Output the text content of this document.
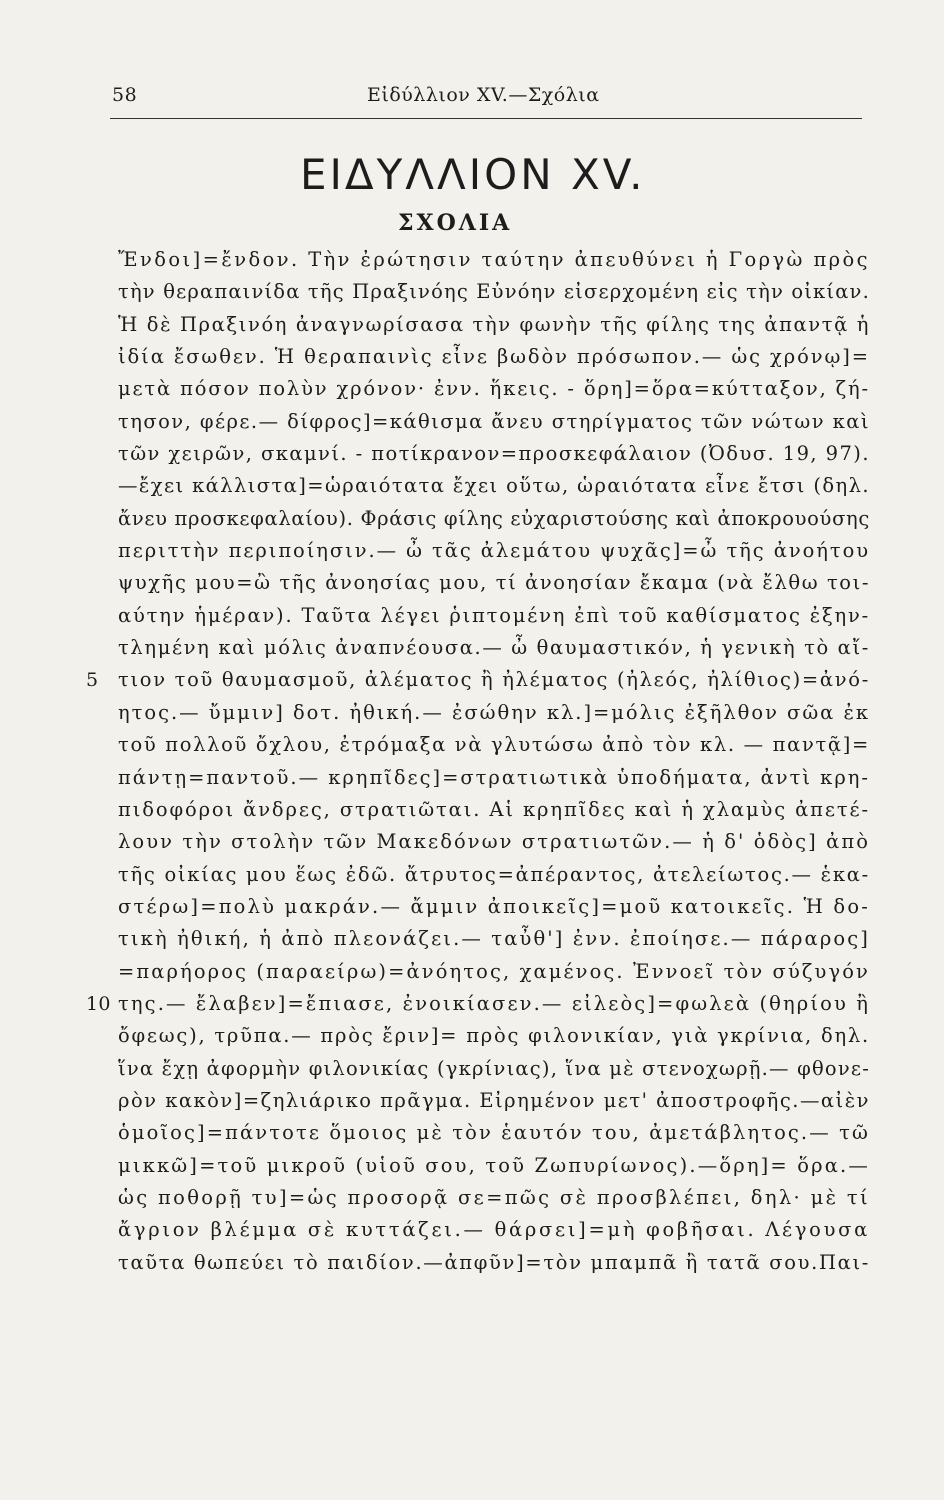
58	Εἰδύλλιον XV.—Σχόλια
ΕΙΔΥΛΛΙΟΝ XV.
ΣΧΟΛΙΑ
Ἔνδοι]=ἔνδον. Τὴν ἐρώτησιν ταύτην ἀπευθύνει ἡ Γοργὼ πρὸς
τὴν θεραπαινίδα τῆς Πραξινόης Εὐνόην εἰσερχομένη εἰς τὴν οἰκίαν.
Ἡ δὲ Πραξινόη ἀναγνωρίσασα τὴν φωνὴν τῆς φίλης της ἀπαντᾷ ἡ
ἰδία ἔσωθεν. Ἡ θεραπαινὶς εἶνε βωδὸν πρόσωπον.— ὡς χρόνῳ]=
μετὰ πόσον πολὺν χρόνον· ἐνν. ἥκεις. - ὅρη]=ὅρα=κύτταξον, ζή-
τησον, φέρε.— δίφρος]=κάθισμα ἄνευ στηρίγματος τῶν νώτων καὶ
τῶν χειρῶν, σκαμνί. - ποτίκρανον=προσκεφάλαιον (Ὀδυσ. 19, 97).
—ἔχει κάλλιστα]=ὡραιότατα ἔχει οὕτω, ὡραιότατα εἶνε ἔτσι (δηλ.
ἄνευ προσκεφαλαίου). Φράσις φίλης εὐχαριστούσης καὶ ἀποκρουούσης
περιττὴν περιποίησιν.— ὦ τᾶς ἀλεμάτου ψυχᾶς]=ὦ τῆς ἀνοήτου
ψυχῆς μου=ὢ τῆς ἀνοησίας μου, τί ἀνοησίαν ἔκαμα (νὰ ἔλθω τοι-
αύτην ἡμέραν). Ταῦτα λέγει ῥιπτομένη ἐπὶ τοῦ καθίσματος ἐξην-
τλημένη καὶ μόλις ἀναπνέουσα.— ὦ θαυμαστικόν, ἡ γενικὴ τὸ αἴ-
τιον τοῦ θαυμασμοῦ, ἀλέματος ἢ ἠλέματος (ἠλεός, ἠλίθιος)=ἀνό-
5
ητος.— ὔμμιν] δοτ. ἠθική.— ἐσώθην κλ.]=μόλις ἐξῆλθον σῶα ἐκ
τοῦ πολλοῦ ὄχλου, ἐτρόμαξα νὰ γλυτώσω ἀπὸ τὸν κλ. — παντᾷ]=
πάντῃ=παντοῦ.— κρηπῖδες]=στρατιωτικὰ ὑποδήματα, ἀντὶ κρη-
πιδοφόροι ἄνδρες, στρατιῶται. Αἱ κρηπῖδες καὶ ἡ χλαμὺς ἀπετέ-
λουν τὴν στολὴν τῶν Μακεδόνων στρατιωτῶν.— ἡ δ' ὁδὸς] ἀπὸ
τῆς οἰκίας μου ἕως ἐδῶ. ἄτρυτος=ἀπέραντος, ἀτελείωτος.— ἑκα-
στέρω]=πολὺ μακράν.— ἄμμιν ἀποικεῖς]=μοῦ κατοικεῖς. Ἡ δο-
τικὴ ἠθική, ἡ ἀπὸ πλεονάζει.— ταὖθ'] ἐνν. ἐποίησε.— πάραρος]
=παρήορος (παραείρω)=ἀνόητος, χαμένος. Ἐννοεῖ τὸν σύζυγόν
της.— ἔλαβεν]=ἔπιασε, ἐνοικίασεν.— εἰλεὸς]=φωλεὰ (θηρίου ἢ
10
ὄφεως), τρῦπα.— πρὸς ἔριν]= πρὸς φιλονικίαν, γιὰ γκρίνια, δηλ.
ἵνα ἔχῃ ἀφορμὴν φιλονικίας (γκρίνιας), ἵνα μὲ στενοχωρῇ.— φθονε-
ρὸν κακὸν]=ζηλιάρικο πρᾶγμα. Εἰρημένον μετ' ἀποστροφῆς.—αἰὲν
ὁμοῖος]=πάντοτε ὅμοιος μὲ τὸν ἑαυτόν του, ἀμετάβλητος.— τῶ
μικκῶ]=τοῦ μικροῦ (υἱοῦ σου, τοῦ Ζωπυρίωνος).—ὅρη]= ὅρα.—
ὡς ποθορῇ τυ]=ὡς προσορᾷ σε=πῶς σὲ προσβλέπει, δηλ· μὲ τί
ἄγριον βλέμμα σὲ κυττάζει.— θάρσει]=μὴ φοβῆσαι. Λέγουσα
ταῦτα θωπεύει τὸ παιδίον.—ἀπφῦν]=τὸν μπαμπᾶ ἢ τατᾶ σου.Παι-
